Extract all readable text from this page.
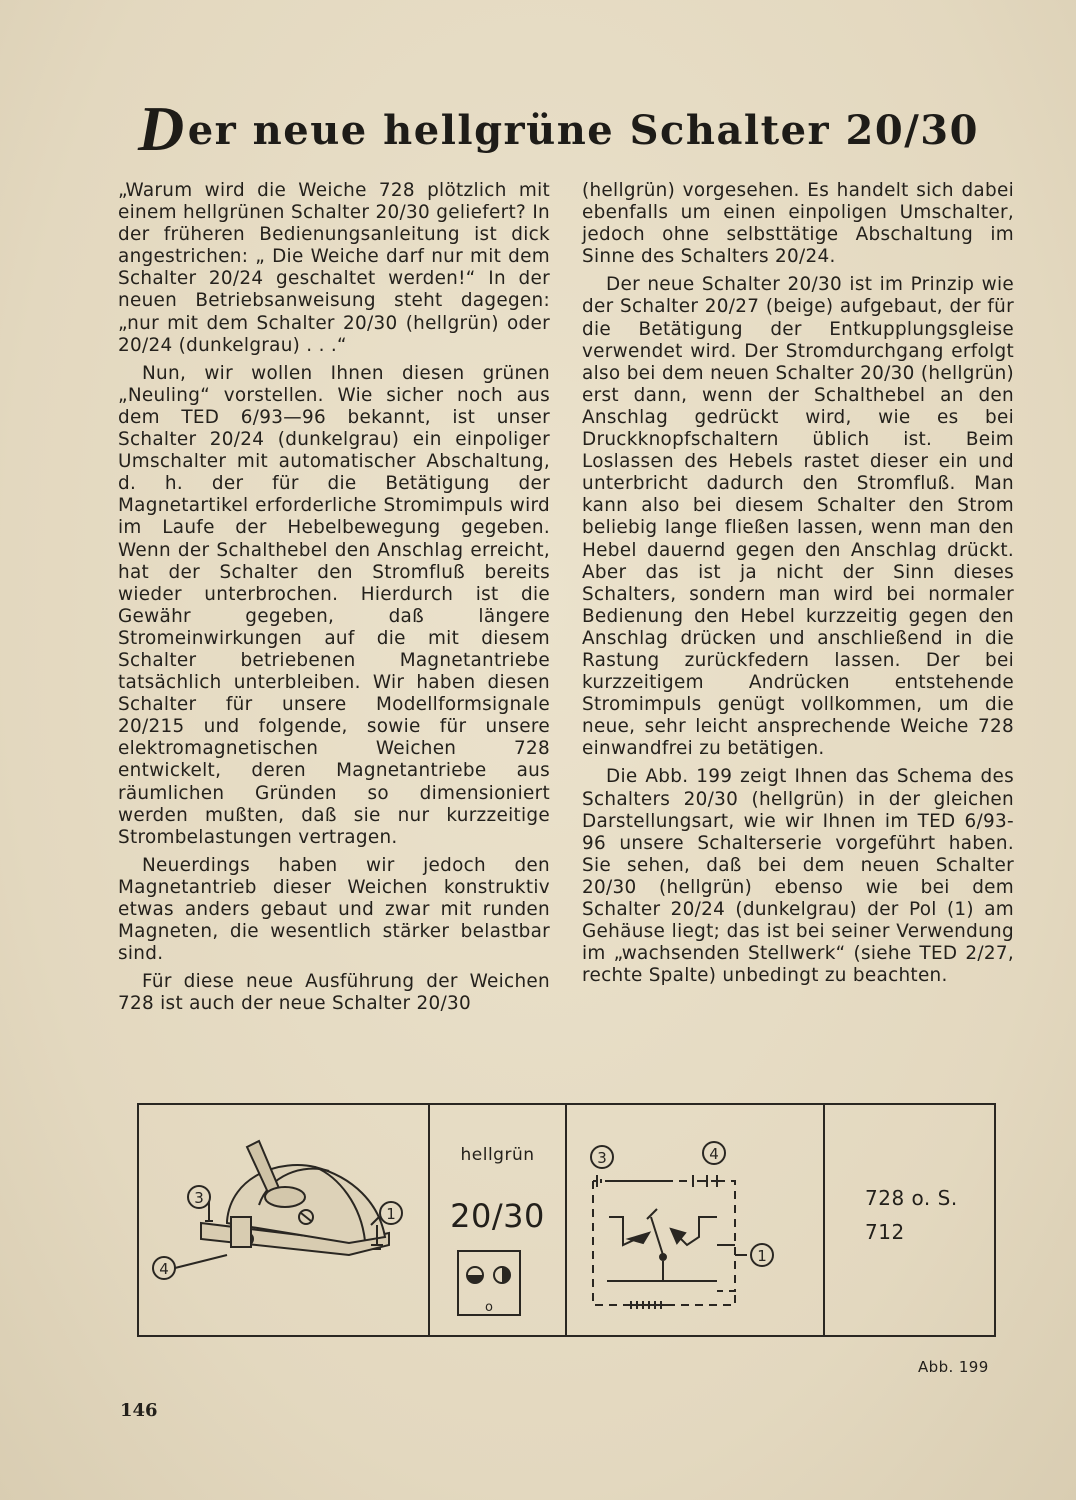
Der neue hellgrüne Schalter 20/30

„Warum wird die Weiche 728 plötzlich mit einem hellgrünen Schalter 20/30 geliefert? In der früheren Bedienungsanleitung ist dick angestrichen: „ Die Weiche darf nur mit dem Schalter 20/24 geschaltet werden!“ In der neuen Betriebsanweisung steht dagegen: „nur mit dem Schalter 20/30 (hellgrün) oder 20/24 (dunkelgrau) . . .“

Nun, wir wollen Ihnen diesen grünen „Neuling“ vorstellen. Wie sicher noch aus dem TED 6/93—96 bekannt, ist unser Schalter 20/24 (dunkelgrau) ein einpoliger Umschalter mit automatischer Abschaltung, d. h. der für die Betätigung der Magnetartikel erforderliche Stromimpuls wird im Laufe der Hebelbewegung gegeben. Wenn der Schalthebel den Anschlag erreicht, hat der Schalter den Stromfluß bereits wieder unterbrochen. Hierdurch ist die Gewähr gegeben, daß längere Stromeinwirkungen auf die mit diesem Schalter betriebenen Magnetantriebe tatsächlich unterbleiben. Wir haben diesen Schalter für unsere Modellformsignale 20/215 und folgende, sowie für unsere elektromagnetischen Weichen 728 entwickelt, deren Magnetantriebe aus räumlichen Gründen so dimensioniert werden mußten, daß sie nur kurzzeitige Strombelastungen vertragen.

Neuerdings haben wir jedoch den Magnetantrieb dieser Weichen konstruktiv etwas anders gebaut und zwar mit runden Magneten, die wesentlich stärker belastbar sind.

Für diese neue Ausführung der Weichen 728 ist auch der neue Schalter 20/30

(hellgrün) vorgesehen. Es handelt sich dabei ebenfalls um einen einpoligen Umschalter, jedoch ohne selbsttätige Abschaltung im Sinne des Schalters 20/24.

Der neue Schalter 20/30 ist im Prinzip wie der Schalter 20/27 (beige) aufgebaut, der für die Betätigung der Entkupplungsgleise verwendet wird. Der Stromdurchgang erfolgt also bei dem neuen Schalter 20/30 (hellgrün) erst dann, wenn der Schalthebel an den Anschlag gedrückt wird, wie es bei Druckknopfschaltern üblich ist. Beim Loslassen des Hebels rastet dieser ein und unterbricht dadurch den Stromfluß. Man kann also bei diesem Schalter den Strom beliebig lange fließen lassen, wenn man den Hebel dauernd gegen den Anschlag drückt. Aber das ist ja nicht der Sinn dieses Schalters, sondern man wird bei normaler Bedienung den Hebel kurzzeitig gegen den Anschlag drücken und anschließend in die Rastung zurückfedern lassen. Der bei kurzzeitigem Andrücken entstehende Stromimpuls genügt vollkommen, um die neue, sehr leicht ansprechende Weiche 728 einwandfrei zu betätigen.

Die Abb. 199 zeigt Ihnen das Schema des Schalters 20/30 (hellgrün) in der gleichen Darstellungsart, wie wir Ihnen im TED 6/93-96 unsere Schalterserie vorgeführt haben. Sie sehen, daß bei dem neuen Schalter 20/30 (hellgrün) ebenso wie bei dem Schalter 20/24 (dunkelgrau) der Pol (1) am Gehäuse liegt; das ist bei seiner Verwendung im „wachsenden Stellwerk“ (siehe TED 2/27, rechte Spalte) unbedingt zu beachten.

3
1
4
hellgrün
20/30
o
3	4
1
728 o. S.
712
Abb. 199
146
